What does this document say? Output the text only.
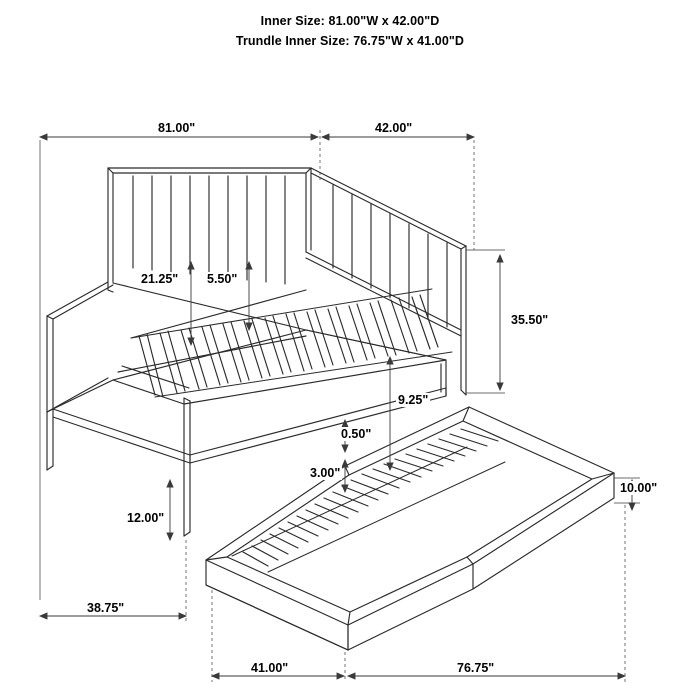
Inner Size: 81.00"W x 42.00"D
Trundle Inner Size: 76.75"W x 41.00"D
81.00"	42.00"
21.25" 5.50"
35.50"
9.25"
0.50"
3.00"
10.00"
12.00"
38.75"
41.00"	76.75"
